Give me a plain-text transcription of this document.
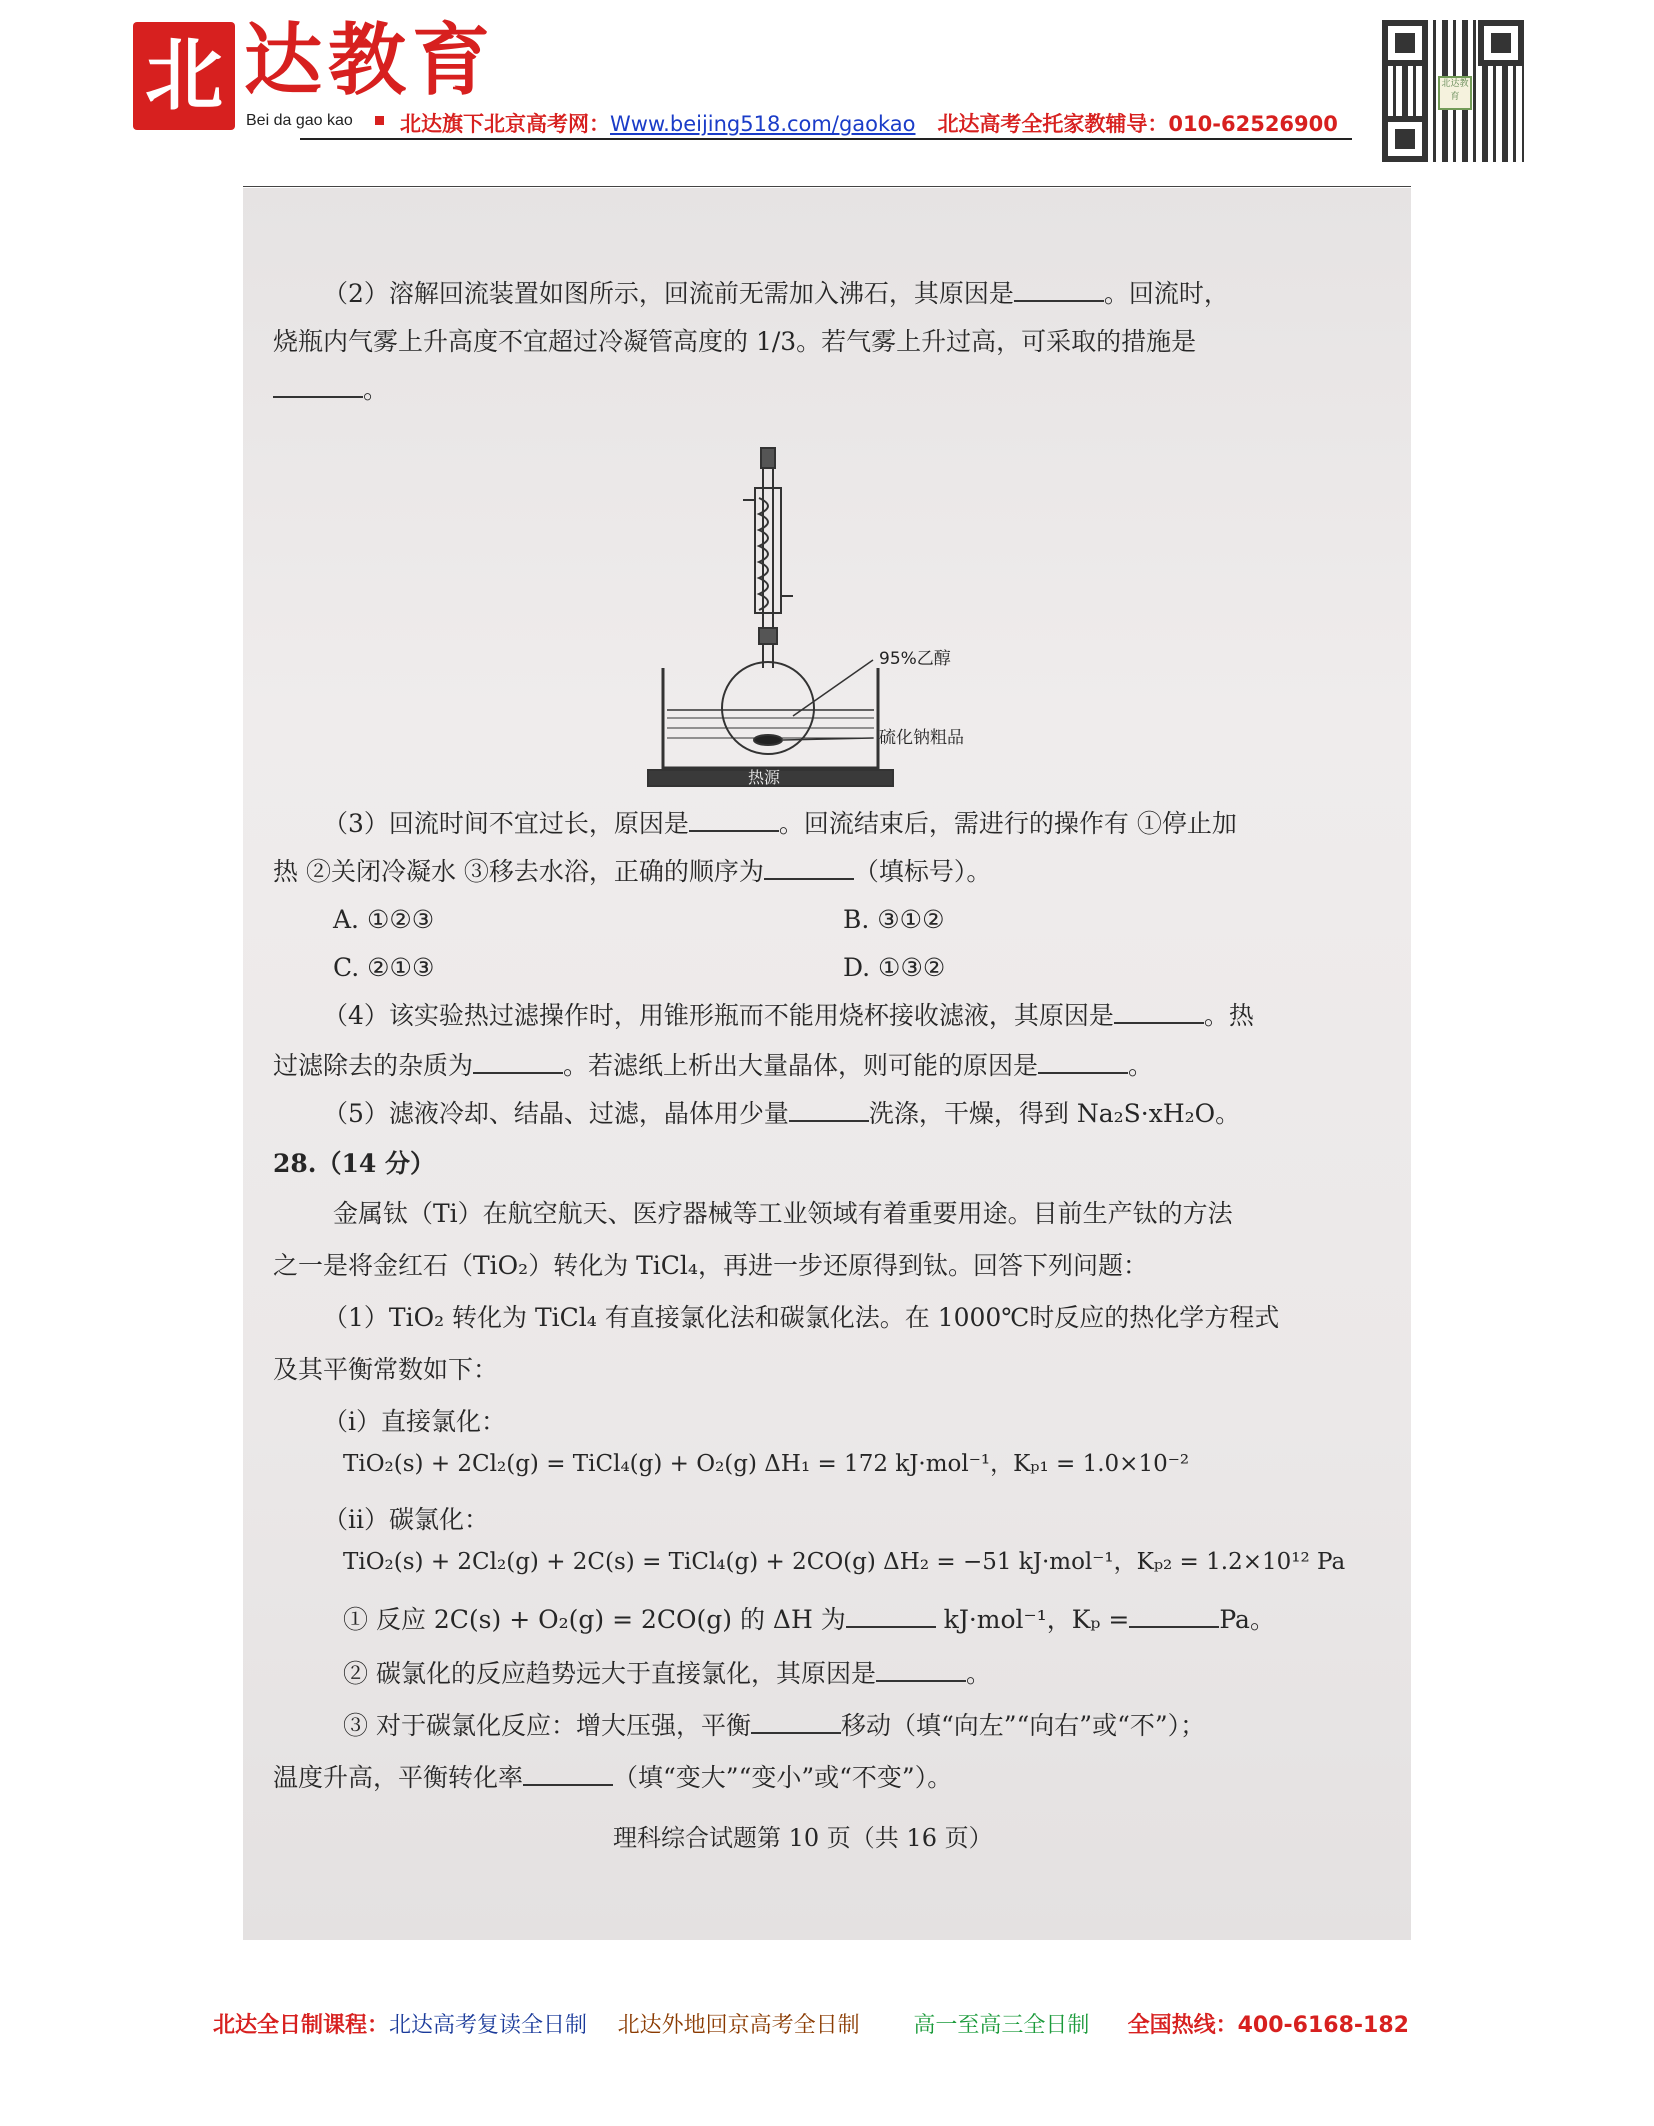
北 达教育
Bei da gao kao 北达旗下北京高考网：Www.beijing518.com/gaokao 北达高考全托家教辅导：010-62526900
北达教育
（2）溶解回流装置如图所示，回流前无需加入沸石，其原因是	。回流时，
烧瓶内气雾上升高度不宜超过冷凝管高度的 1/3。若气雾上升过高，可采取的措施是
。
95%乙醇
硫化钠粗品
热源
（3）回流时间不宜过长，原因是	。回流结束后，需进行的操作有 ①停止加
热 ②关闭冷凝水 ③移去水浴，正确的顺序为	（填标号）。
A. ①②③	B. ③①②
C. ②①③	D. ①③②
（4）该实验热过滤操作时，用锥形瓶而不能用烧杯接收滤液，其原因是	。热
过滤除去的杂质为	。若滤纸上析出大量晶体，则可能的原因是	。
（5）滤液冷却、结晶、过滤，晶体用少量	洗涤，干燥，得到 Na₂S·xH₂O。
28.（14 分）
金属钛（Ti）在航空航天、医疗器械等工业领域有着重要用途。目前生产钛的方法
之一是将金红石（TiO₂）转化为 TiCl₄，再进一步还原得到钛。回答下列问题：
（1）TiO₂ 转化为 TiCl₄ 有直接氯化法和碳氯化法。在 1000℃时反应的热化学方程式
及其平衡常数如下：
（i）直接氯化：
TiO₂(s) + 2Cl₂(g) = TiCl₄(g) + O₂(g) ΔH₁ = 172 kJ·mol⁻¹，Kₚ₁ = 1.0×10⁻²
（ii）碳氯化：
TiO₂(s) + 2Cl₂(g) + 2C(s) = TiCl₄(g) + 2CO(g) ΔH₂ = −51 kJ·mol⁻¹，Kₚ₂ = 1.2×10¹² Pa
① 反应 2C(s) + O₂(g) = 2CO(g) 的 ΔH 为	kJ·mol⁻¹，Kₚ =	Pa。
② 碳氯化的反应趋势远大于直接氯化，其原因是	。
③ 对于碳氯化反应：增大压强，平衡	移动（填“向左”“向右”或“不”）；
温度升高，平衡转化率	（填“变大”“变小”或“不变”）。
理科综合试题第 10 页（共 16 页）
北达全日制课程：北达高考复读全日制 北达外地回京高考全日制 高一至高三全日制 全国热线：400-6168-182
